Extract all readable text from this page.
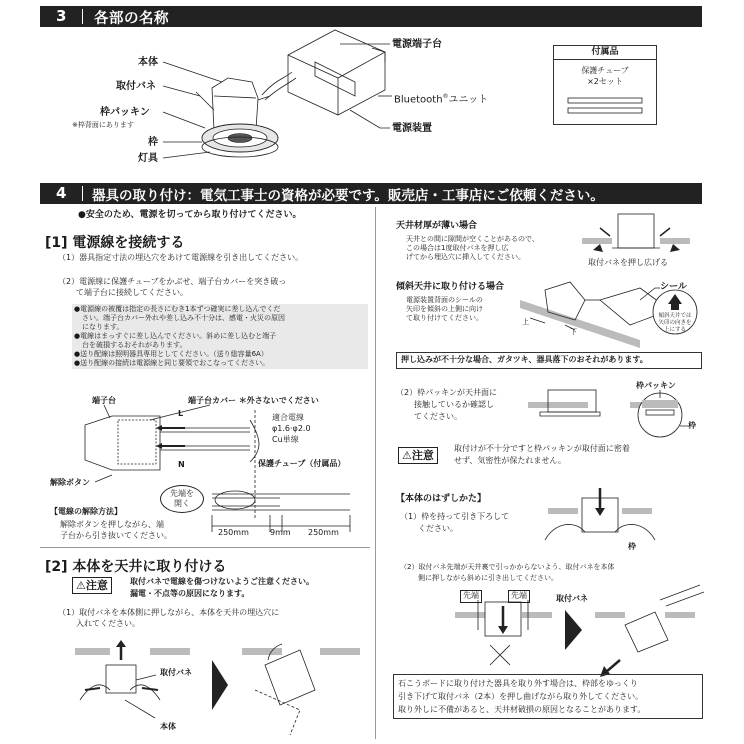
3 各部の名称
本体
取付バネ
枠パッキン
※枠背面にあります
枠
灯具
電源端子台
Bluetooth®ユニット
電源装置
付属品
保護チューブ
×2セット
4 器具の取り付け：電気工事士の資格が必要です。販売店・工事店にご依頼ください。
●安全のため、電源を切ってから取り付けてください。
[1] 電源線を接続する
（1）器具指定寸法の埋込穴をあけて電源線を引き出してください。
（2）電源線に保護チューブをかぶせ、端子台カバーを突き破っ
て端子台に接続してください。
●電源線の被覆は指定の長さにむき1本ずつ確実に差し込んでくだ
さい。端子台カバー外れや差し込み不十分は、感電・火災の原因
になります。
●電線はまっすぐに差し込んでください。斜めに差し込むと端子
台を破損するおそれがあります。
●送り配線は照明器具専用としてください。（送り総容量6A）
●送り配線の接続は電源線と同じ要領でおこなってください。
端子台	端子台カバー ＊外さないでください
L
N
適合電線
φ1.6·φ2.0
Cu単線
保護チューブ（付属品）
解除ボタン
先端を
開く
250mm	9mm 250mm
【電線の解除方法】
解除ボタンを押しながら、端
子台から引き抜いてください。
[2] 本体を天井に取り付ける
⚠注意	取付バネで電線を傷つけないようご注意ください。
漏電・不点等の原因になります。
（1）取付バネを本体側に押しながら、本体を天井の埋込穴に
入れてください。
取付バネ
本体
天井材厚が薄い場合
天井との間に隙間が空くことがあるので、
この場合は1度取付バネを押し広
げてから埋込穴に挿入してください。
取付バネを押し広げる
傾斜天井に取り付ける場合
電源装置背面のシールの
矢印を傾斜の上側に向け
て取り付けてください。
シール
上
下
傾斜天井では
矢印の向きを
上にする
押し込みが不十分な場合、ガタツキ、器具落下のおそれがあります。
（2）枠パッキンが天井面に
接触しているか確認し
てください。
枠パッキン
枠
⚠注意
取付けが不十分ですと枠パッキンが取付面に密着
せず、気密性が保たれません。
【本体のはずしかた】
（1）枠を持って引き下ろして
ください。
枠
（2）取付バネ先端が天井裏で引っかからないよう、取付バネを本体
側に押しながら斜めに引き出してください。
先端	先端	取付バネ
石こうボードに取り付けた器具を取り外す場合は、枠部をゆっくり
引き下げて取付バネ（2本）を押し曲げながら取り外してください。
取り外しに不備があると、天井材破損の原因となることがあります。
